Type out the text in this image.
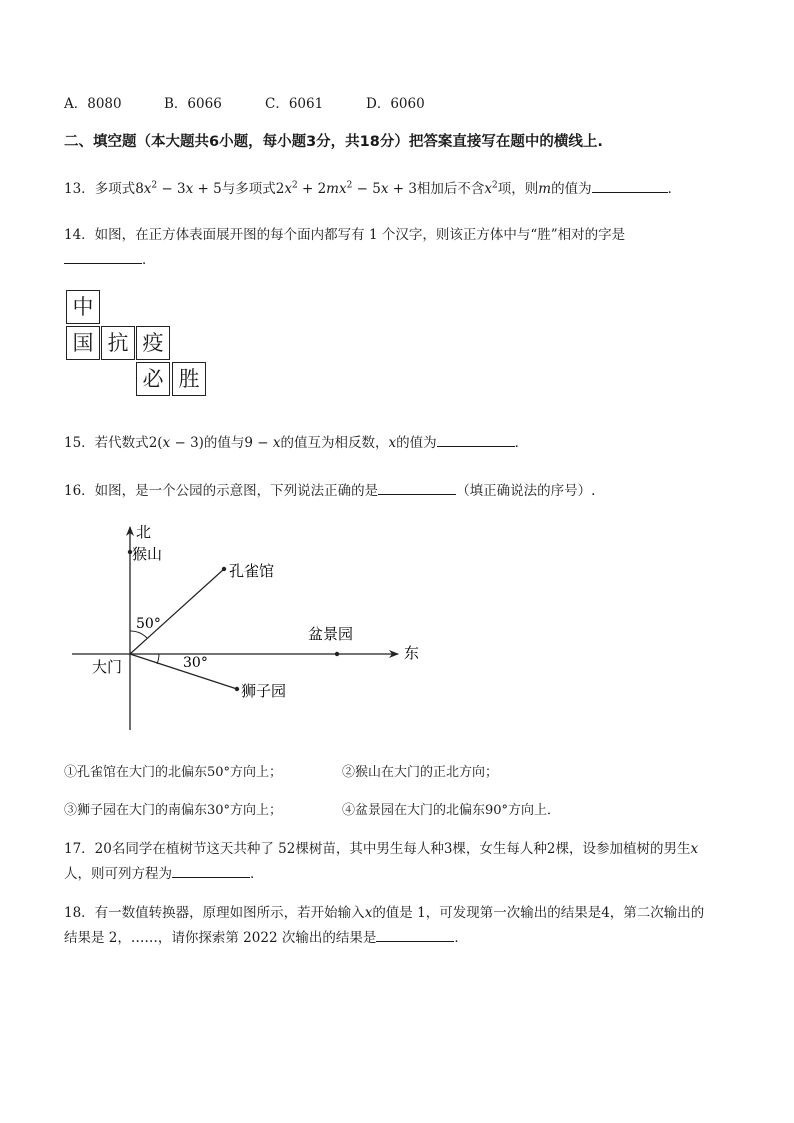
A．8080	B．6066	C．6061	D．6060
二、填空题（本大题共6小题，每小题3分，共18分）把答案直接写在题中的横线上.
13．多项式$8x^2 - 3x + 5$与多项式$2x^2 + 2mx^2 - 5x + 3$相加后不含$x^2$项，则m的值为	．
14．如图，在正方体表面展开图的每个面内都写有 1 个汉字，则该正方体中与“胜”相对的字是
．
中
国 抗 疫
必 胜
15．若代数式2(x − 3)的值与9 − x的值互为相反数，x的值为	．
16．如图，是一个公园的示意图，下列说法正确的是	（填正确说法的序号）.
北
猴山
孔雀馆
盆景园
东
大门
狮子园
50°
30°
①孔雀馆在大门的北偏东50°方向上；	②猴山在大门的正北方向；
③狮子园在大门的南偏东30°方向上；	④盆景园在大门的北偏东90°方向上．
17．20名同学在植树节这天共种了 52棵树苗，其中男生每人种3棵，女生每人种2棵，设参加植树的男生x
人，则可列方程为	．
18．有一数值转换器，原理如图所示，若开始输入x的值是 1，可发现第一次输出的结果是4，第二次输出的
结果是 2，……，请你探索第 2022 次输出的结果是	．
